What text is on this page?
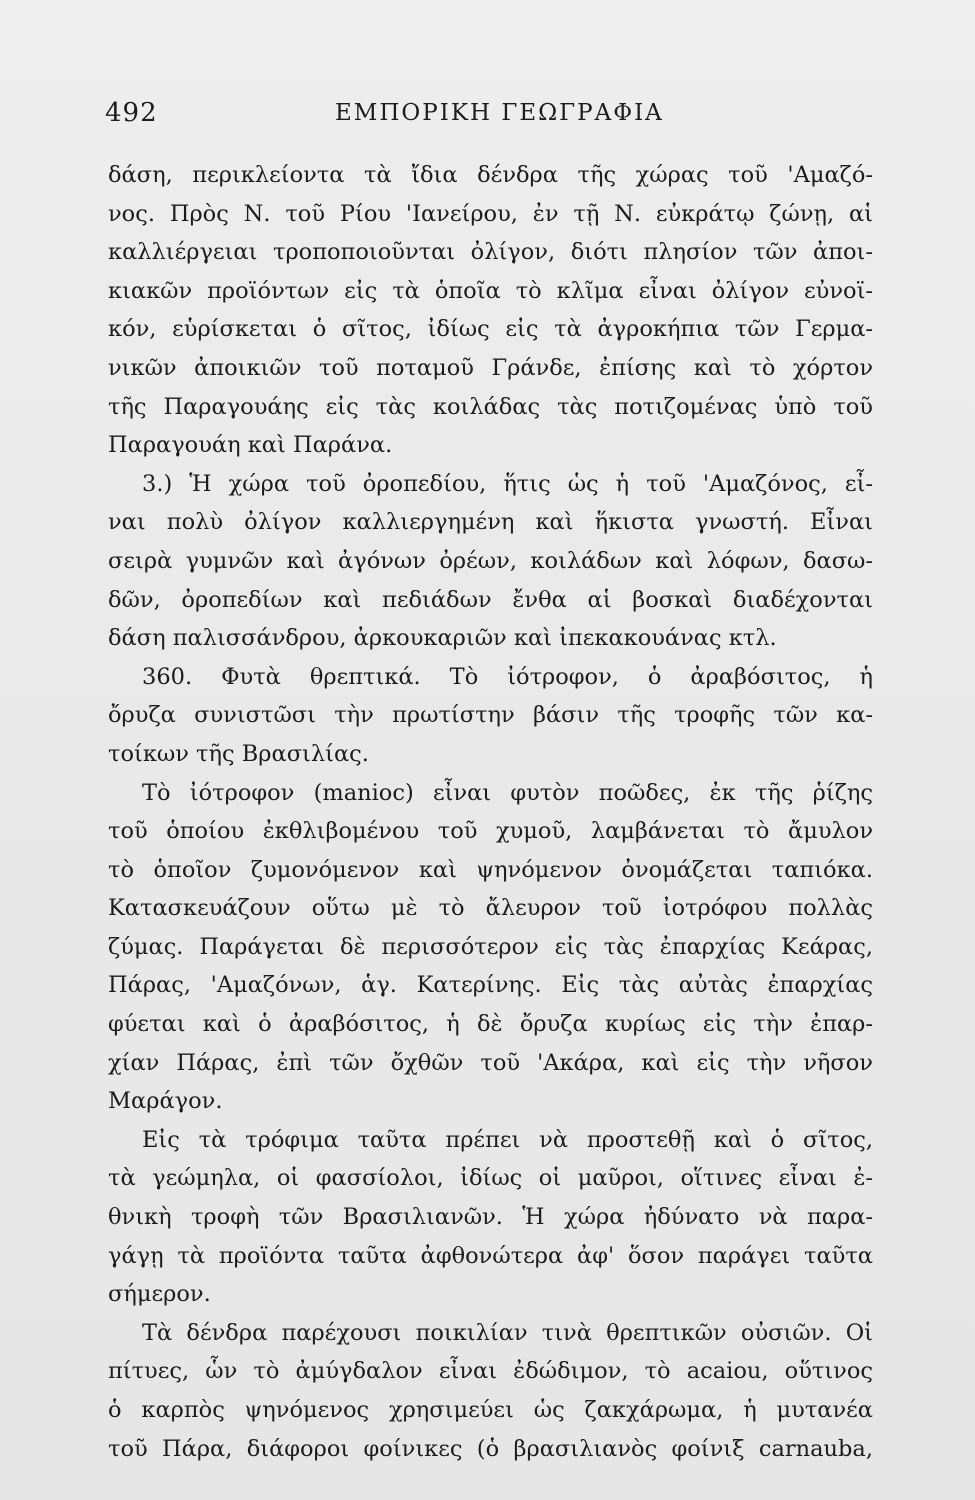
492	ΕΜΠΟΡΙΚΗ ΓΕΩΓΡΑΦΙΑ
δάση, περικλείοντα τὰ ἴδια δένδρα τῆς χώρας τοῦ 'Αμαζό-
νος. Πρὸς Ν. τοῦ Ρίου 'Ιανείρου, ἐν τῇ Ν. εὐκράτῳ ζώνῃ, αἱ
καλλιέργειαι τροποποιοῦνται ὀλίγον, διότι πλησίον τῶν ἀποι-
κιακῶν προϊόντων εἰς τὰ ὁποῖα τὸ κλῖμα εἶναι ὀλίγον εὐνοϊ-
κόν, εὑρίσκεται ὁ σῖτος, ἰδίως εἰς τὰ ἀγροκήπια τῶν Γερμα-
νικῶν ἀποικιῶν τοῦ ποταμοῦ Γράνδε, ἐπίσης καὶ τὸ χόρτον
τῆς Παραγουάης εἰς τὰς κοιλάδας τὰς ποτιζομένας ὑπὸ τοῦ
Παραγουάη καὶ Παράνα.
3.) Ἡ χώρα τοῦ ὀροπεδίου, ἥτις ὡς ἡ τοῦ 'Αμαζόνος, εἶ-
ναι πολὺ ὀλίγον καλλιεργημένη καὶ ἥκιστα γνωστή. Εἶναι
σειρὰ γυμνῶν καὶ ἀγόνων ὀρέων, κοιλάδων καὶ λόφων, δασω-
δῶν, ὀροπεδίων καὶ πεδιάδων ἔνθα αἱ βοσκαὶ διαδέχονται
δάση παλισσάνδρου, ἀρκουκαριῶν καὶ ἰπεκακουάνας κτλ.
360. Φυτὰ θρεπτικά. Τὸ ἰότροφον, ὁ ἀραβόσιτος, ἡ
ὄρυζα συνιστῶσι τὴν πρωτίστην βάσιν τῆς τροφῆς τῶν κα-
τοίκων τῆς Βρασιλίας.
Τὸ ἰότροφον (manioc) εἶναι φυτὸν ποῶδες, ἐκ τῆς ῥίζης
τοῦ ὁποίου ἐκθλιβομένου τοῦ χυμοῦ, λαμβάνεται τὸ ἄμυλον
τὸ ὁποῖον ζυμονόμενον καὶ ψηνόμενον ὀνομάζεται ταπιόκα.
Κατασκευάζουν οὕτω μὲ τὸ ἄλευρον τοῦ ἰοτρόφου πολλὰς
ζύμας. Παράγεται δὲ περισσότερον εἰς τὰς ἐπαρχίας Κεάρας,
Πάρας, 'Αμαζόνων, ἁγ. Κατερίνης. Εἰς τὰς αὐτὰς ἐπαρχίας
φύεται καὶ ὁ ἀραβόσιτος, ἡ δὲ ὄρυζα κυρίως εἰς τὴν ἐπαρ-
χίαν Πάρας, ἐπὶ τῶν ὄχθῶν τοῦ 'Ακάρα, καὶ εἰς τὴν νῆσον
Μαράγον.
Εἰς τὰ τρόφιμα ταῦτα πρέπει νὰ προστεθῇ καὶ ὁ σῖτος,
τὰ γεώμηλα, οἱ φασσίολοι, ἰδίως οἱ μαῦροι, οἵτινες εἶναι ἐ-
θνικὴ τροφὴ τῶν Βρασιλιανῶν. Ἡ χώρα ἠδύνατο νὰ παρα-
γάγῃ τὰ προϊόντα ταῦτα ἀφθονώτερα ἀφ' ὅσον παράγει ταῦτα
σήμερον.
Τὰ δένδρα παρέχουσι ποικιλίαν τινὰ θρεπτικῶν οὐσιῶν. Οἱ
πίτυες, ὧν τὸ ἀμύγδαλον εἶναι ἐδώδιμον, τὸ acaiou, οὕτινος
ὁ καρπὸς ψηνόμενος χρησιμεύει ὡς ζακχάρωμα, ἡ μυτανέα
τοῦ Πάρα, διάφοροι φοίνικες (ὁ βρασιλιανὸς φοίνιξ carnauba,
